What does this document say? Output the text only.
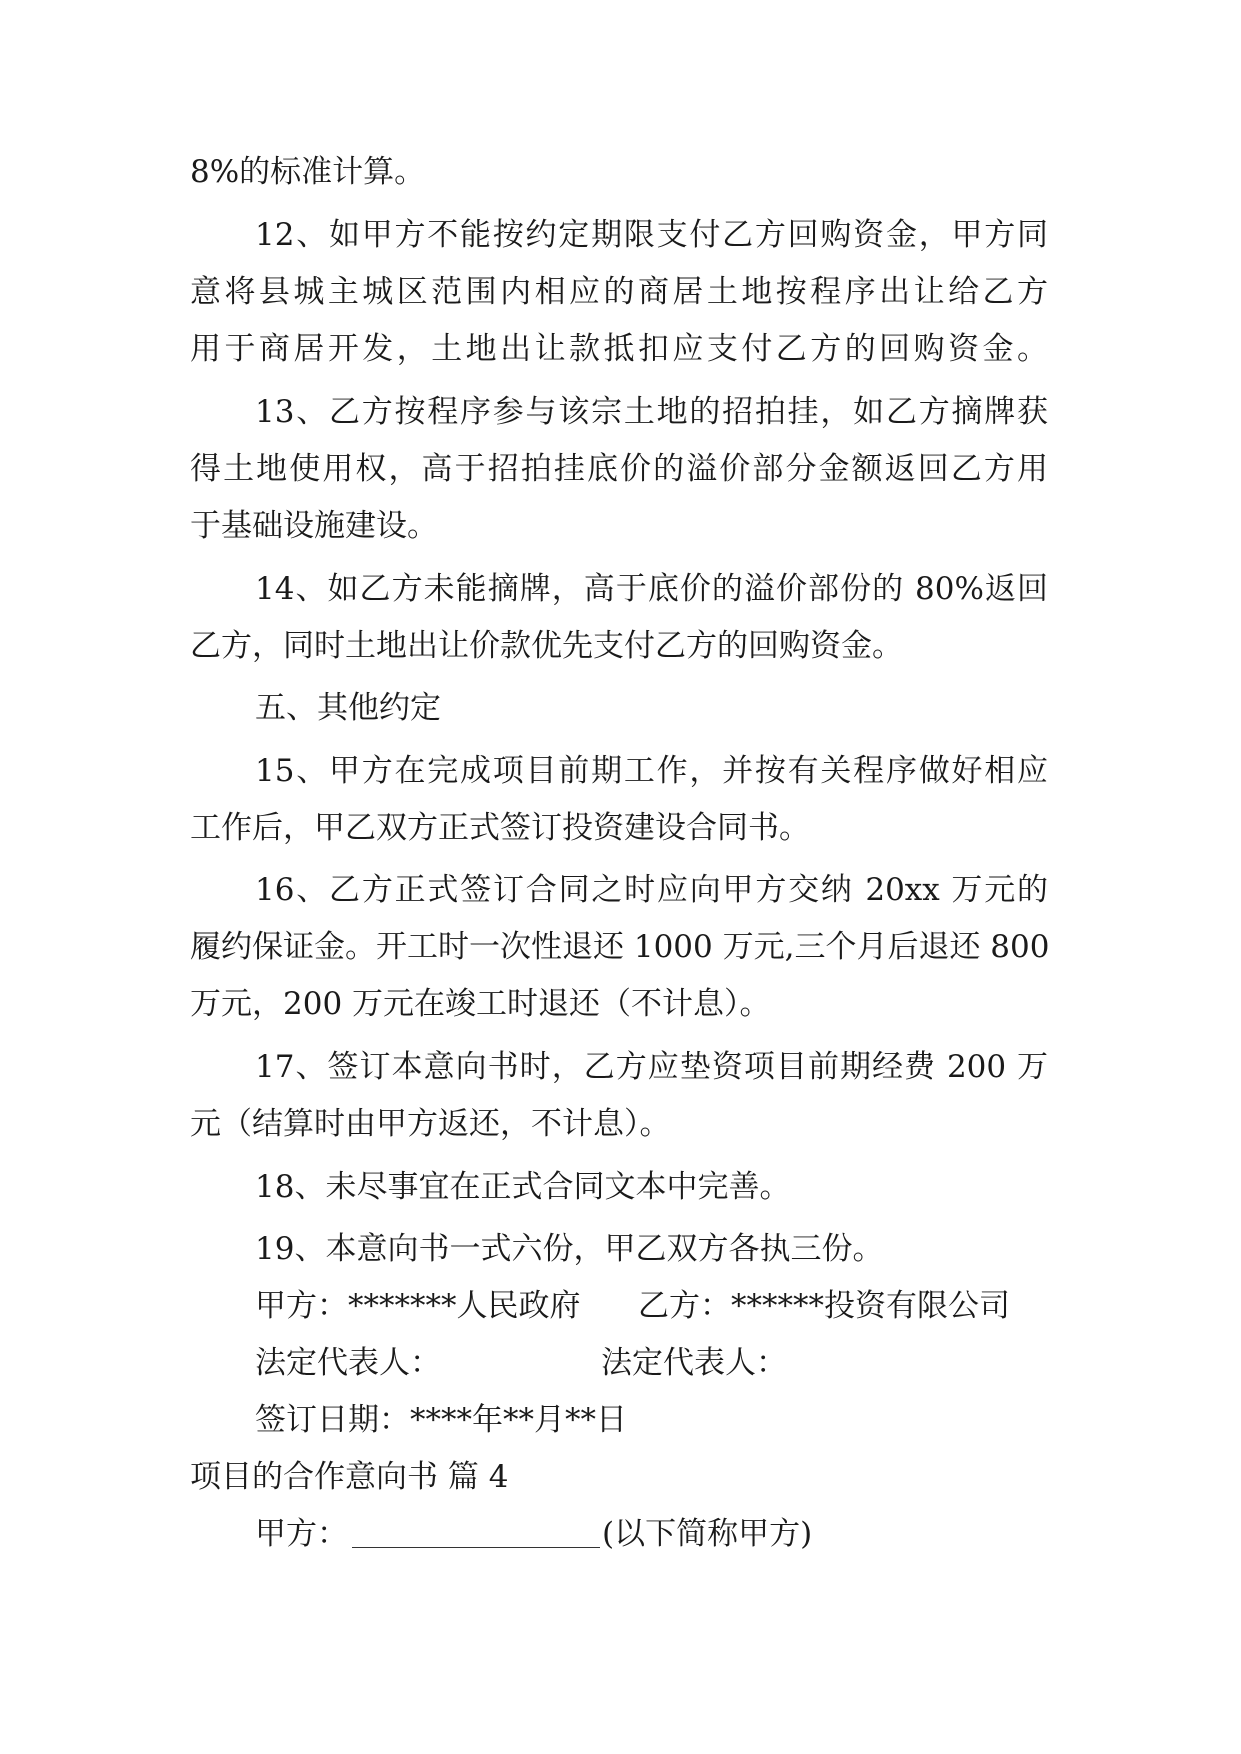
8%的标准计算。
12、如甲方不能按约定期限支付乙方回购资金，甲方同
意将县城主城区范围内相应的商居土地按程序出让给乙方
用于商居开发，土地出让款抵扣应支付乙方的回购资金。
13、乙方按程序参与该宗土地的招拍挂，如乙方摘牌获
得土地使用权，高于招拍挂底价的溢价部分金额返回乙方用
于基础设施建设。
14、如乙方未能摘牌，高于底价的溢价部份的 80%返回
乙方，同时土地出让价款优先支付乙方的回购资金。
五、其他约定
15、甲方在完成项目前期工作，并按有关程序做好相应
工作后，甲乙双方正式签订投资建设合同书。
16、乙方正式签订合同之时应向甲方交纳 20xx 万元的
履约保证金。开工时一次性退还 1000 万元,三个月后退还 800
万元，200 万元在竣工时退还（不计息）。
17、签订本意向书时，乙方应垫资项目前期经费 200 万
元（结算时由甲方返还，不计息）。
18、未尽事宜在正式合同文本中完善。
19、本意向书一式六份，甲乙双方各执三份。
甲方：*******人民政府 乙方：******投资有限公司
法定代表人：	法定代表人：
签订日期：****年**月**日
项目的合作意向书 篇 4
甲方：	(以下简称甲方)
